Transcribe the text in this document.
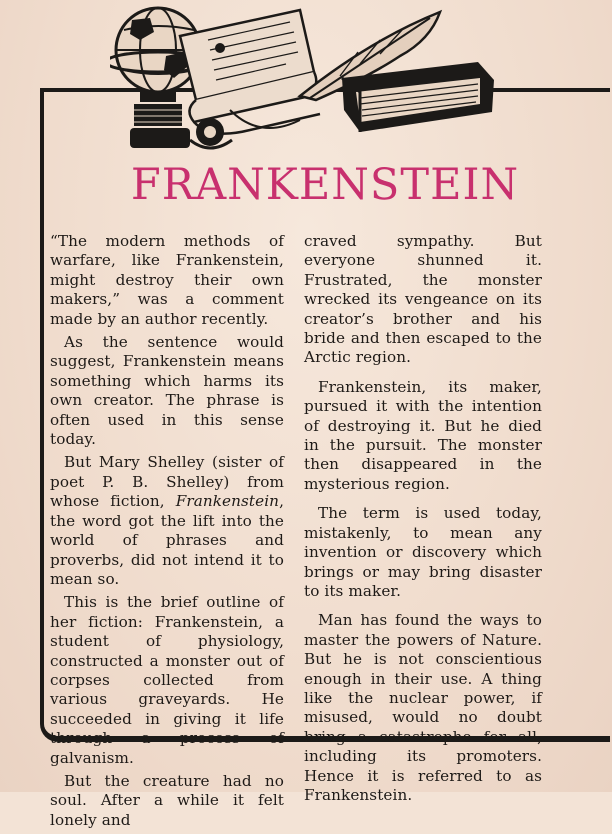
FRANKENSTEIN

“The modern methods of warfare, like Frankenstein, might destroy their own makers,” was a comment made by an author recently.

As the sentence would suggest, Frankenstein means something which harms its own creator. The phrase is often used in this sense today.

But Mary Shelley (sister of poet P. B. Shelley) from whose fiction, Frankenstein, the word got the lift into the world of phrases and proverbs, did not intend it to mean so.

This is the brief outline of her fiction: Frankenstein, a student of physiology, constructed a monster out of corpses collected from various graveyards. He succeeded in giving it life through a process of galvanism.

But the creature had no soul. After a while it felt lonely and

craved sympathy. But everyone shunned it. Frustrated, the monster wrecked its vengeance on its creator’s brother and his bride and then escaped to the Arctic region.

Frankenstein, its maker, pursued it with the intention of destroying it. But he died in the pursuit. The monster then disappeared in the mysterious region.

The term is used today, mistakenly, to mean any invention or discovery which brings or may bring disaster to its maker.

Man has found the ways to master the powers of Nature. But he is not conscientious enough in their use. A thing like the nuclear power, if misused, would no doubt bring a catastrophe for all, including its promoters. Hence it is referred to as Frankenstein.
